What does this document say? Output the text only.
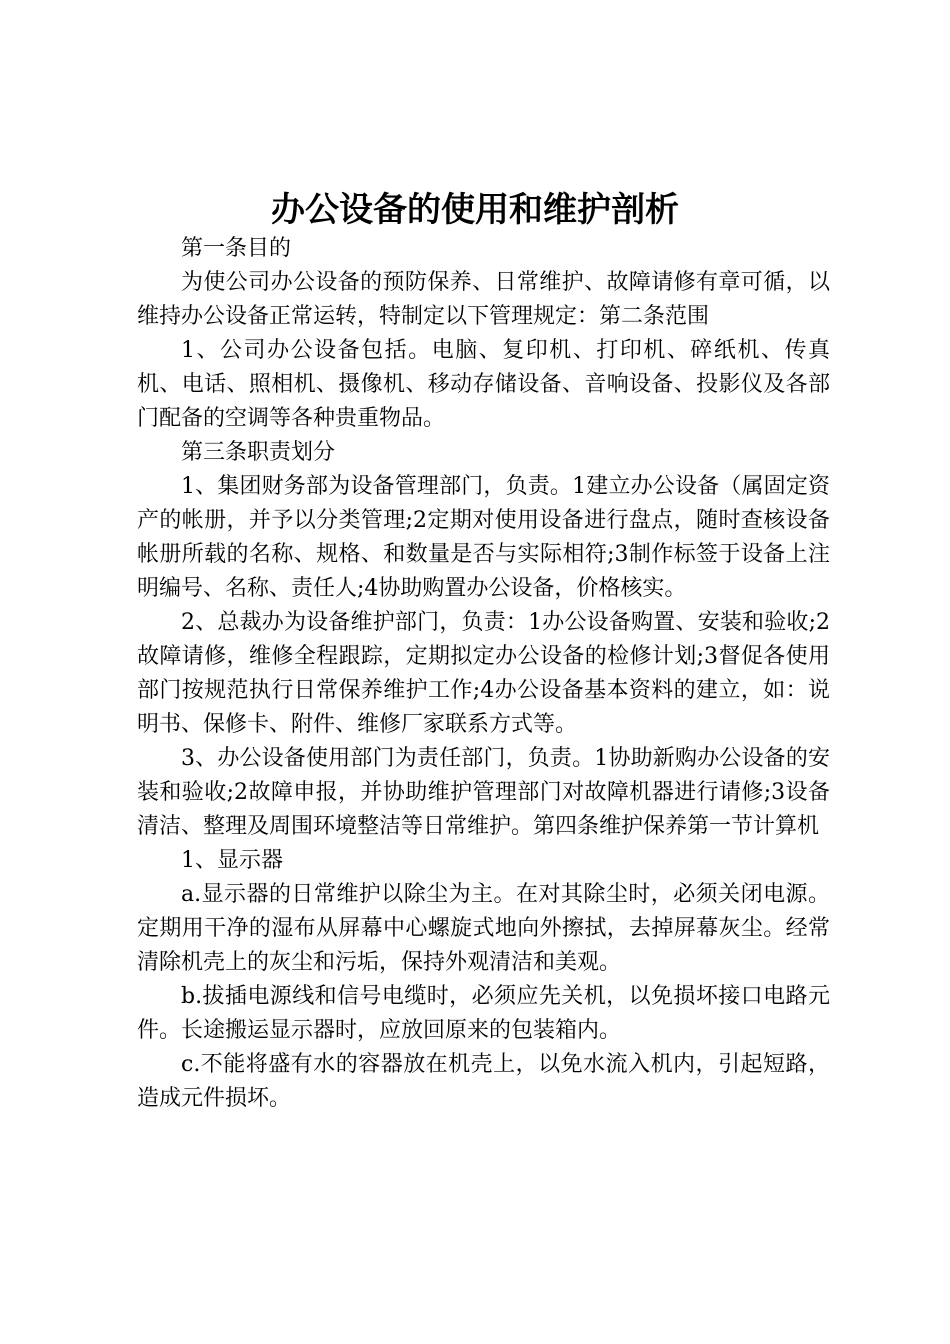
办公设备的使用和维护剖析

第一条目的

为使公司办公设备的预防保养、日常维护、故障请修有章可循，以维持办公设备正常运转，特制定以下管理规定：第二条范围

1、公司办公设备包括。电脑、复印机、打印机、碎纸机、传真机、电话、照相机、摄像机、移动存储设备、音响设备、投影仪及各部门配备的空调等各种贵重物品。

第三条职责划分

1、集团财务部为设备管理部门，负责。1建立办公设备（属固定资产的帐册，并予以分类管理;2定期对使用设备进行盘点，随时查核设备帐册所载的名称、规格、和数量是否与实际相符;3制作标签于设备上注明编号、名称、责任人;4协助购置办公设备，价格核实。

2、总裁办为设备维护部门，负责：1办公设备购置、安装和验收;2故障请修，维修全程跟踪，定期拟定办公设备的检修计划;3督促各使用部门按规范执行日常保养维护工作;4办公设备基本资料的建立，如：说明书、保修卡、附件、维修厂家联系方式等。

3、办公设备使用部门为责任部门，负责。1协助新购办公设备的安装和验收;2故障申报，并协助维护管理部门对故障机器进行请修;3设备清洁、整理及周围环境整洁等日常维护。第四条维护保养第一节计算机

1、显示器

a.显示器的日常维护以除尘为主。在对其除尘时，必须关闭电源。定期用干净的湿布从屏幕中心螺旋式地向外擦拭，去掉屏幕灰尘。经常清除机壳上的灰尘和污垢，保持外观清洁和美观。

b.拔插电源线和信号电缆时，必须应先关机，以免损坏接口电路元件。长途搬运显示器时，应放回原来的包装箱内。

c.不能将盛有水的容器放在机壳上，以免水流入机内，引起短路，造成元件损坏。
